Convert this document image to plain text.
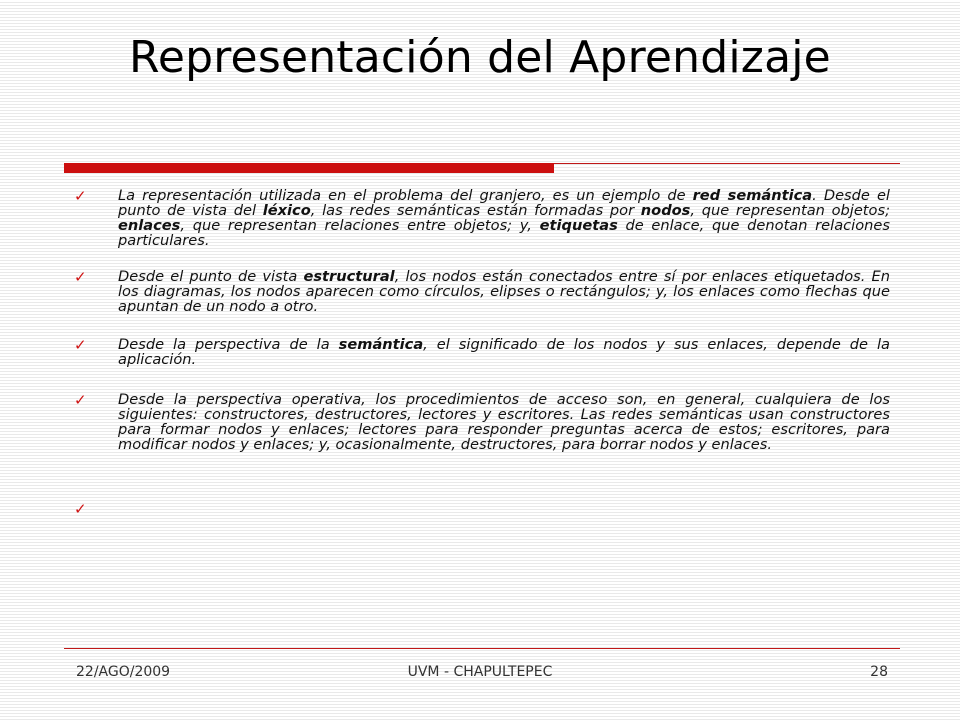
Representación del Aprendizaje
✓ La representación utilizada en el problema del granjero, es un ejemplo de red semántica. Desde el punto de vista del léxico, las redes semánticas están formadas por nodos, que representan objetos; enlaces, que representan relaciones entre objetos; y, etiquetas de enlace, que denotan relaciones particulares.
✓ Desde el punto de vista estructural, los nodos están conectados entre sí por enlaces etiquetados. En los diagramas, los nodos aparecen como círculos, elipses o rectángulos; y, los enlaces como flechas que apuntan de un nodo a otro.
✓ Desde la perspectiva de la semántica, el significado de los nodos y sus enlaces, depende de la aplicación.
✓ Desde la perspectiva operativa, los procedimientos de acceso son, en general, cualquiera de los siguientes: constructores, destructores, lectores y escritores. Las redes semánticas usan constructores para formar nodos y enlaces; lectores para responder preguntas acerca de estos; escritores, para modificar nodos y enlaces; y, ocasionalmente, destructores, para borrar nodos y enlaces.
✓
22/AGO/2009	UVM - CHAPULTEPEC	28
